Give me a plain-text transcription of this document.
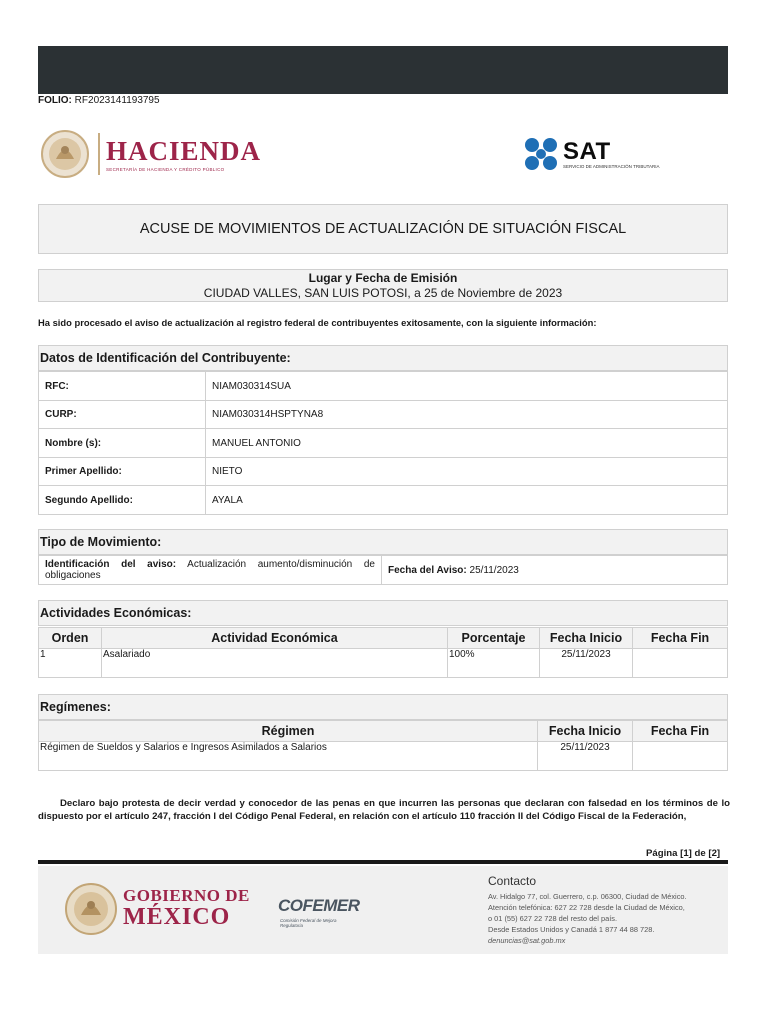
FOLIO: RF2023141193795
HACIENDA
SECRETARÍA DE HACIENDA Y CRÉDITO PÚBLICO
SAT
SERVICIO DE ADMINISTRACIÓN TRIBUTARIA
ACUSE DE MOVIMIENTOS DE ACTUALIZACIÓN DE SITUACIÓN FISCAL
Lugar y Fecha de Emisión
CIUDAD VALLES, SAN LUIS POTOSI, a 25 de Noviembre de 2023
Ha sido procesado el aviso de actualización al registro federal de contribuyentes exitosamente, con la siguiente información:
Datos de Identificación del Contribuyente:
RFC:	NIAM030314SUA
CURP:	NIAM030314HSPTYNA8
Nombre (s):	MANUEL ANTONIO
Primer Apellido:	NIETO
Segundo Apellido:	AYALA
Tipo de Movimiento:
Identificación del aviso: Actualización aumento/disminución de obligaciones	Fecha del Aviso: 25/11/2023
Actividades Económicas:
Orden	Actividad Económica	Porcentaje	Fecha Inicio	Fecha Fin
1	Asalariado	100%	25/11/2023	
Regímenes:
Régimen	Fecha Inicio	Fecha Fin
Régimen de Sueldos y Salarios e Ingresos Asimilados a Salarios	25/11/2023	
Declaro bajo protesta de decir verdad y conocedor de las penas en que incurren las personas que declaran con falsedad en los términos de lo dispuesto por el artículo 247, fracción I del Código Penal Federal, en relación con el artículo 110 fracción II del Código Fiscal de la Federación,
Página [1] de [2]
GOBIERNO DE
MÉXICO	COFEMER
Comisión Federal de Mejora Regulatoria
Contacto
Av. Hidalgo 77, col. Guerrero, c.p. 06300, Ciudad de México.
Atención telefónica: 627 22 728 desde la Ciudad de México,
o 01 (55) 627 22 728 del resto del país.
Desde Estados Unidos y Canadá 1 877 44 88 728.
denuncias@sat.gob.mx
